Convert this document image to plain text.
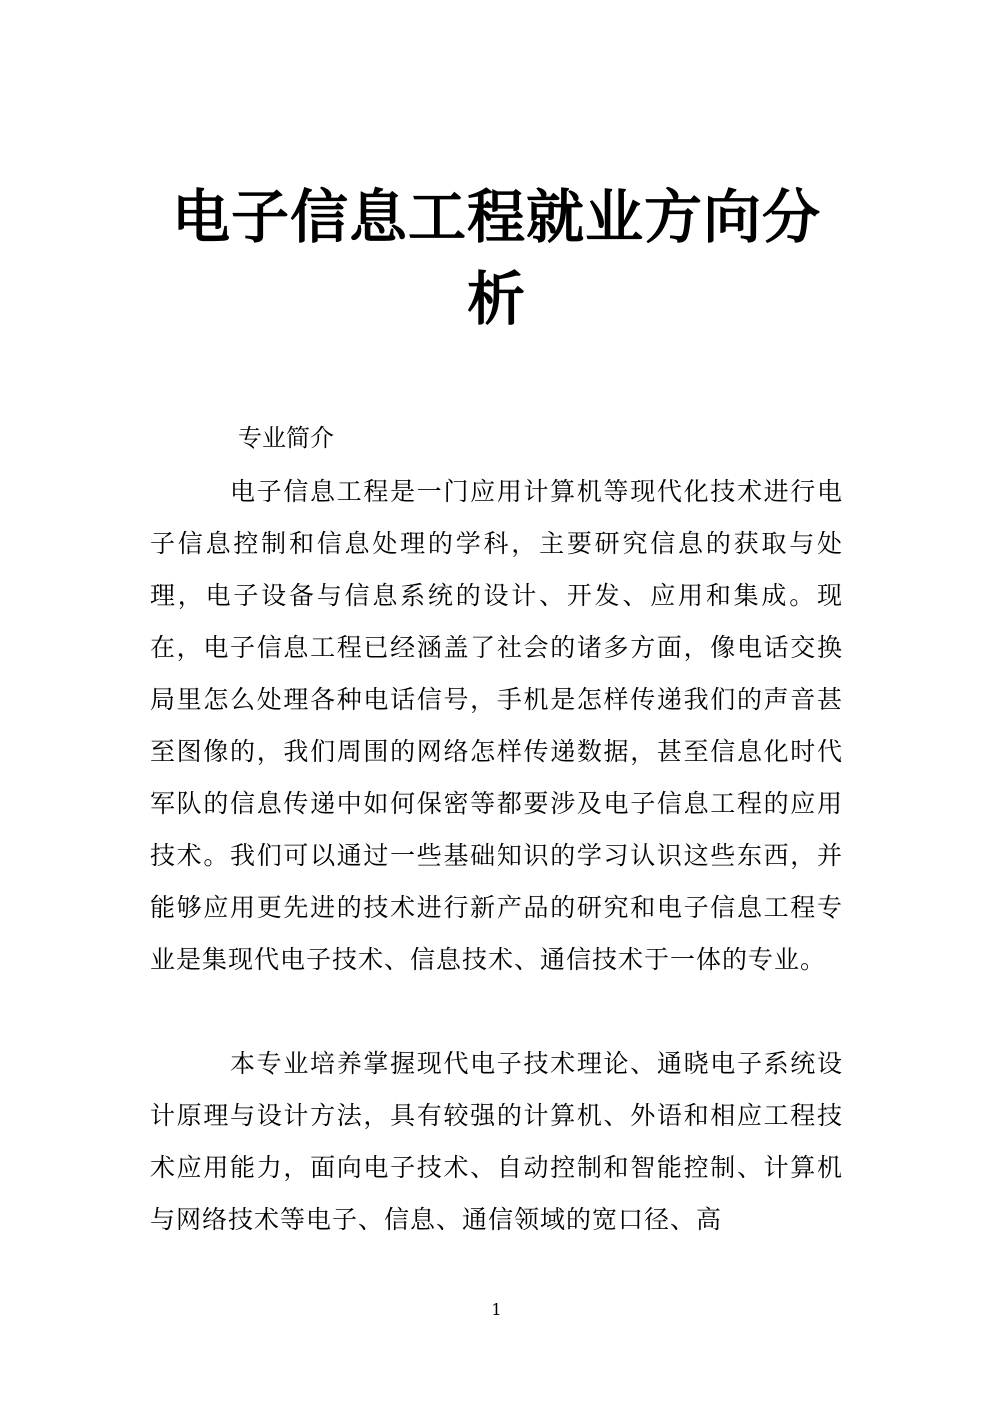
电子信息工程就业方向分析
专业简介

电子信息工程是一门应用计算机等现代化技术进行电子信息控制和信息处理的学科，主要研究信息的获取与处理，电子设备与信息系统的设计、开发、应用和集成。现在，电子信息工程已经涵盖了社会的诸多方面，像电话交换局里怎么处理各种电话信号，手机是怎样传递我们的声音甚至图像的，我们周围的网络怎样传递数据，甚至信息化时代军队的信息传递中如何保密等都要涉及电子信息工程的应用技术。我们可以通过一些基础知识的学习认识这些东西，并能够应用更先进的技术进行新产品的研究和电子信息工程专业是集现代电子技术、信息技术、通信技术于一体的专业。

本专业培养掌握现代电子技术理论、通晓电子系统设计原理与设计方法，具有较强的计算机、外语和相应工程技术应用能力，面向电子技术、自动控制和智能控制、计算机与网络技术等电子、信息、通信领域的宽口径、高

1
